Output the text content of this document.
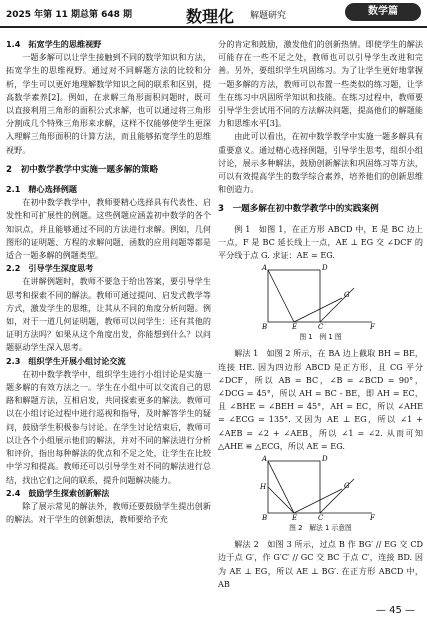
2025 年第 11 期总第 648 期	数理化 解题研究	数学篇
1.4　拓宽学生的思维视野

一题多解可以让学生接触到不同的数学知识和方法，拓宽学生的思维视野。通过对不同解题方法的比较和分析，学生可以更好地理解数学知识之间的联系和区别，提高数学素养[2]。例如，在求解三角形面积问题时，既可以直接利用三角形的面积公式求解，也可以通过将三角形分割成几个特殊三角形来求解，这样不仅能够使学生更深入理解三角形面积的计算方法，而且能够拓宽学生的思维视野。

2　初中数学教学中实施一题多解的策略
2.1　精心选择例题

在初中数学教学中，教师要精心选择具有代表性、启发性和可扩展性的例题。这些例题应涵盖初中数学的各个知识点，并且能够通过不同的方法进行求解。例如，几何图形的证明题、方程的求解问题、函数的应用问题等都是适合一题多解的例题类型。

2.2　引导学生深度思考

在讲解例题时，教师不要急于给出答案，要引导学生思考和探索不同的解法。教师可通过提问、启发式教学等方式，激发学生的思维，让其从不同的角度分析问题。例如，对于一道几何证明题，教师可以问学生：还有其他的证明方法吗？如果从这个角度出发，你能想到什么？以问题驱动学生深入思考。

2.3　组织学生开展小组讨论交流

在初中数学教学中，组织学生进行小组讨论是实施一题多解的有效方法之一。学生在小组中可以交流自己的思路和解题方法，互相启发，共同探索更多的解法。教师可以在小组讨论过程中进行巡视和指导，及时解答学生的疑问，鼓励学生积极参与讨论。在学生讨论结束后，教师可以让各个小组展示他们的解法，并对不同的解法进行分析和评价，指出每种解法的优点和不足之处，让学生在比较中学习和提高。教师还可以引导学生对不同的解法进行总结，找出它们之间的联系，提升问题解决能力。

2.4　鼓励学生探索创新解法

除了展示常见的解法外，教师还要鼓励学生提出创新的解法。对于学生的创新想法，教师要给予充

分的肯定和鼓励，激发他们的创新热情。即使学生的解法可能存在一些不足之处，教师也可以引导学生改进和完善。另外，要组织学生巩固练习。为了让学生更好地掌握一题多解的方法，教师可以布置一些类似的练习题，让学生在练习中巩固所学知识和技能。在练习过程中，教师要引导学生尝试用不同的方法解决问题，提高他们的解题能力和思维水平[3]。

由此可以看出，在初中数学教学中实施一题多解具有重要意义。通过精心选择例题，引导学生思考，组织小组讨论，展示多种解法，鼓励创新解法和巩固练习等方法，可以有效提高学生的数学综合素养，培养他们的创新思维和创造力。

3　一题多解在初中数学教学中的实践案例

例 1　如图 1，在正方形 ABCD 中，E 是 BC 边上一点，F 是 BC 延长线上一点，AE ⊥ EG 交 ∠DCF 的平分线于点 G. 求证：AE = EG.

A	D
G
B	E	C	F
图 1　例 1 图

解法 1　如图 2 所示，在 BA 边上截取 BH = BE，连接 HE. 因为四边形 ABCD 是正方形，且 CG 平分 ∠DCF，所以 AB = BC，∠B = ∠BCD = 90°，∠DCG = 45°，所以 AH = BC - BE，即 AH = EC，且 ∠BHE = ∠BEH = 45°，AH = EC，所以 ∠AHE = ∠ECG = 135°. 又因为 AE ⊥ EG，所以 ∠1 + ∠AEB = ∠2 + ∠AEB，所以 ∠1 = ∠2. 从而可知 △AHE ≌ △ECG，所以 AE = EG.

A	D
H	G
B	E	C	F
图 2　解法 1 示意图

解法 2　如图 3 所示，过点 B 作 BG′ // EG 交 CD 边于点 G′，作 G′C′ // GC 交 BC 于点 C′，连接 BD. 因为 AE ⊥ EG，所以 AE ⊥ BG′. 在正方形 ABCD 中，AB

— 45 —
